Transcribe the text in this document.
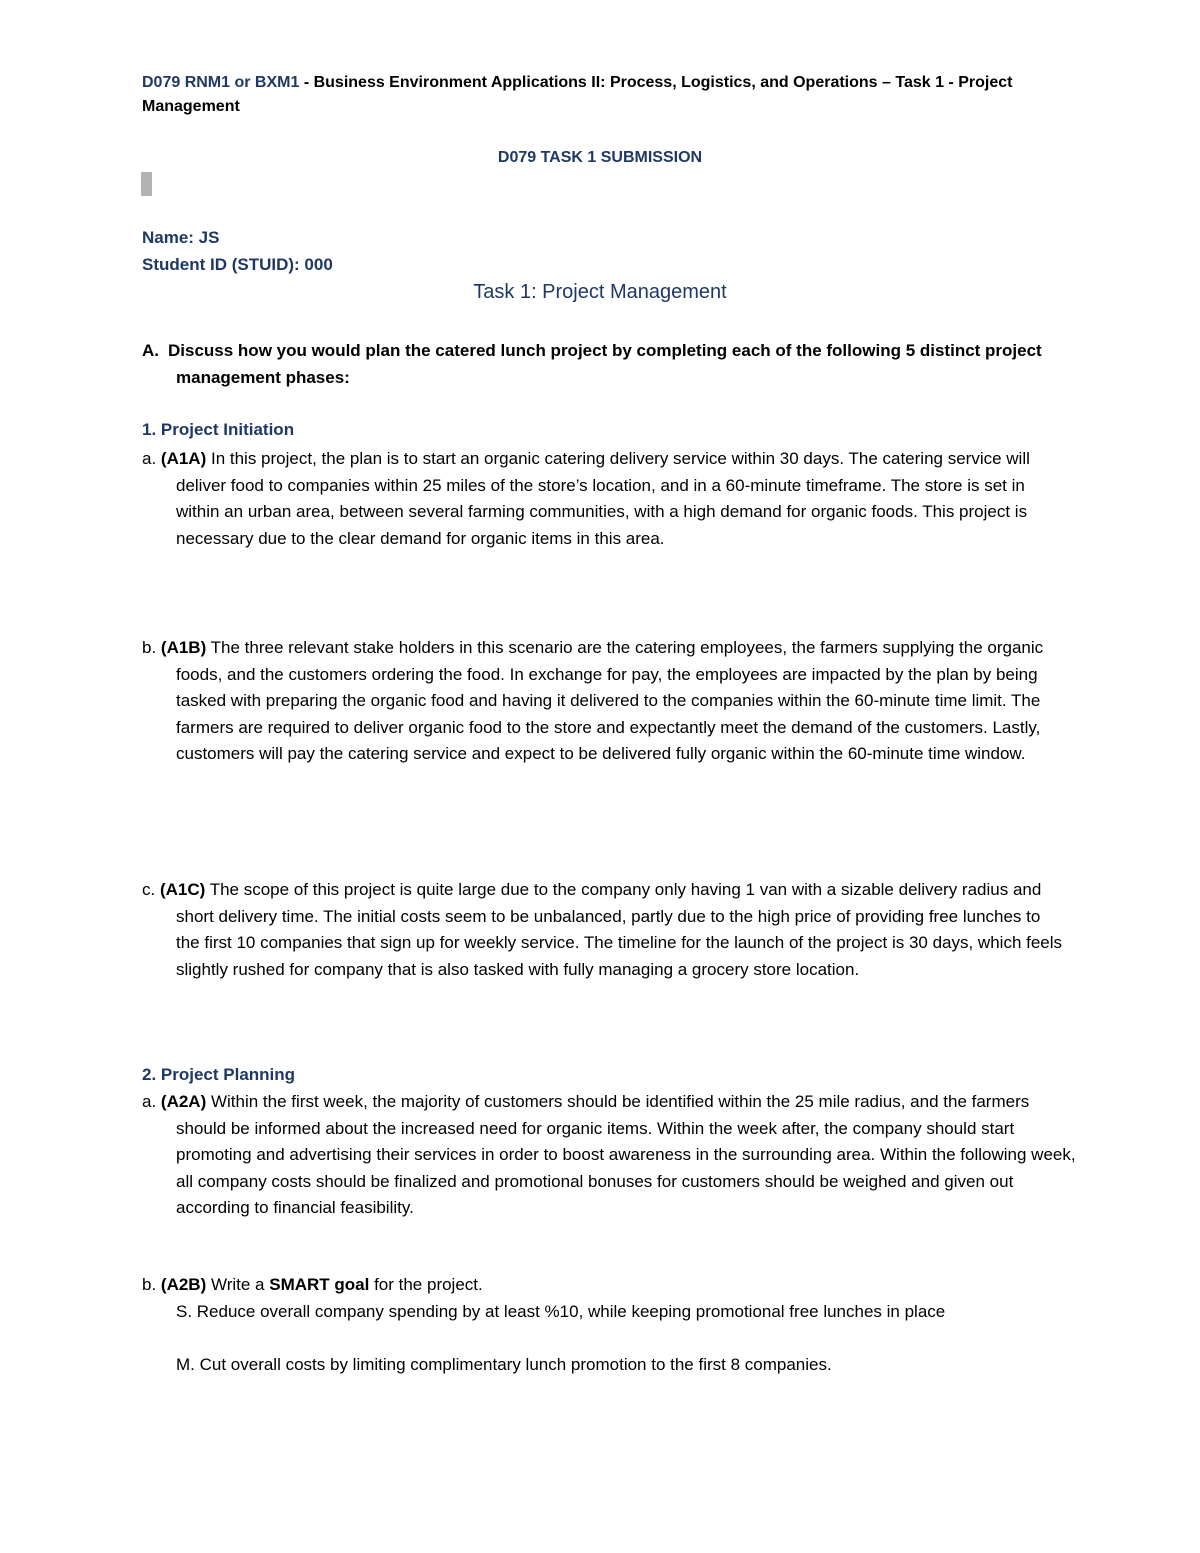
D079 RNM1 or BXM1 - Business Environment Applications II: Process, Logistics, and Operations – Task 1 - Project Management
D079 TASK 1 SUBMISSION
Name: JS
Student ID (STUID): 000
Task 1: Project Management
A. Discuss how you would plan the catered lunch project by completing each of the following 5 distinct project management phases:
1. Project Initiation
a. (A1A) In this project, the plan is to start an organic catering delivery service within 30 days. The catering service will deliver food to companies within 25 miles of the store’s location, and in a 60-minute timeframe. The store is set in within an urban area, between several farming communities, with a high demand for organic foods. This project is necessary due to the clear demand for organic items in this area.
b. (A1B) The three relevant stake holders in this scenario are the catering employees, the farmers supplying the organic foods, and the customers ordering the food. In exchange for pay, the employees are impacted by the plan by being tasked with preparing the organic food and having it delivered to the companies within the 60-minute time limit. The farmers are required to deliver organic food to the store and expectantly meet the demand of the customers. Lastly, customers will pay the catering service and expect to be delivered fully organic within the 60-minute time window.
c. (A1C) The scope of this project is quite large due to the company only having 1 van with a sizable delivery radius and short delivery time. The initial costs seem to be unbalanced, partly due to the high price of providing free lunches to the first 10 companies that sign up for weekly service. The timeline for the launch of the project is 30 days, which feels slightly rushed for company that is also tasked with fully managing a grocery store location.
2. Project Planning
a. (A2A) Within the first week, the majority of customers should be identified within the 25 mile radius, and the farmers should be informed about the increased need for organic items. Within the week after, the company should start promoting and advertising their services in order to boost awareness in the surrounding area. Within the following week, all company costs should be finalized and promotional bonuses for customers should be weighed and given out according to financial feasibility.
b. (A2B) Write a SMART goal for the project.
S. Reduce overall company spending by at least %10, while keeping promotional free lunches in place
M. Cut overall costs by limiting complimentary lunch promotion to the first 8 companies.
